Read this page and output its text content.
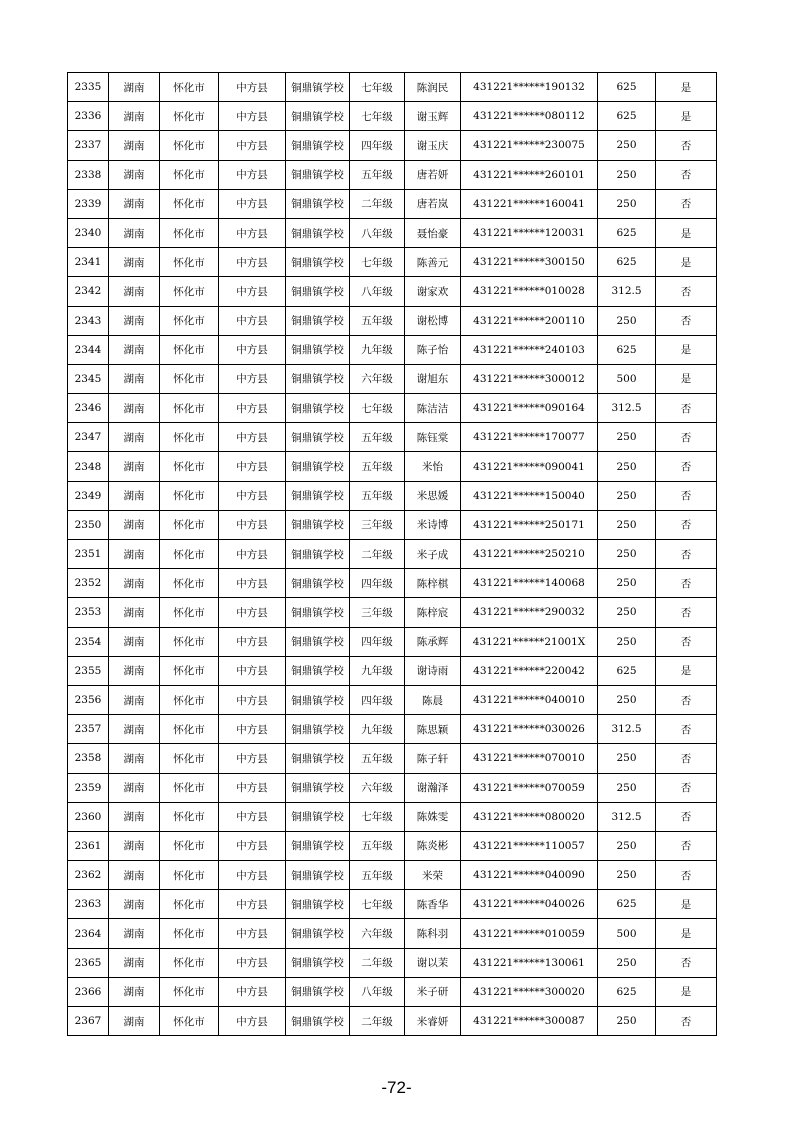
2335	湖南	怀化市	中方县	铜鼎镇学校	七年级	陈润民	431221******190132	625	是
2336	湖南	怀化市	中方县	铜鼎镇学校	七年级	谢玉辉	431221******080112	625	是
2337	湖南	怀化市	中方县	铜鼎镇学校	四年级	谢玉庆	431221******230075	250	否
2338	湖南	怀化市	中方县	铜鼎镇学校	五年级	唐若妍	431221******260101	250	否
2339	湖南	怀化市	中方县	铜鼎镇学校	二年级	唐若岚	431221******160041	250	否
2340	湖南	怀化市	中方县	铜鼎镇学校	八年级	聂怡豪	431221******120031	625	是
2341	湖南	怀化市	中方县	铜鼎镇学校	七年级	陈善元	431221******300150	625	是
2342	湖南	怀化市	中方县	铜鼎镇学校	八年级	谢家欢	431221******010028	312.5	否
2343	湖南	怀化市	中方县	铜鼎镇学校	五年级	谢松博	431221******200110	250	否
2344	湖南	怀化市	中方县	铜鼎镇学校	九年级	陈子怡	431221******240103	625	是
2345	湖南	怀化市	中方县	铜鼎镇学校	六年级	谢旭东	431221******300012	500	是
2346	湖南	怀化市	中方县	铜鼎镇学校	七年级	陈洁洁	431221******090164	312.5	否
2347	湖南	怀化市	中方县	铜鼎镇学校	五年级	陈钰棠	431221******170077	250	否
2348	湖南	怀化市	中方县	铜鼎镇学校	五年级	米怡	431221******090041	250	否
2349	湖南	怀化市	中方县	铜鼎镇学校	五年级	米思媛	431221******150040	250	否
2350	湖南	怀化市	中方县	铜鼎镇学校	三年级	米诗博	431221******250171	250	否
2351	湖南	怀化市	中方县	铜鼎镇学校	二年级	米子成	431221******250210	250	否
2352	湖南	怀化市	中方县	铜鼎镇学校	四年级	陈梓棋	431221******140068	250	否
2353	湖南	怀化市	中方县	铜鼎镇学校	三年级	陈梓宸	431221******290032	250	否
2354	湖南	怀化市	中方县	铜鼎镇学校	四年级	陈承辉	431221******21001X	250	否
2355	湖南	怀化市	中方县	铜鼎镇学校	九年级	谢诗雨	431221******220042	625	是
2356	湖南	怀化市	中方县	铜鼎镇学校	四年级	陈晨	431221******040010	250	否
2357	湖南	怀化市	中方县	铜鼎镇学校	九年级	陈思颖	431221******030026	312.5	否
2358	湖南	怀化市	中方县	铜鼎镇学校	五年级	陈子轩	431221******070010	250	否
2359	湖南	怀化市	中方县	铜鼎镇学校	六年级	谢瀚泽	431221******070059	250	否
2360	湖南	怀化市	中方县	铜鼎镇学校	七年级	陈姝雯	431221******080020	312.5	否
2361	湖南	怀化市	中方县	铜鼎镇学校	五年级	陈炎彬	431221******110057	250	否
2362	湖南	怀化市	中方县	铜鼎镇学校	五年级	米荣	431221******040090	250	否
2363	湖南	怀化市	中方县	铜鼎镇学校	七年级	陈香华	431221******040026	625	是
2364	湖南	怀化市	中方县	铜鼎镇学校	六年级	陈科羽	431221******010059	500	是
2365	湖南	怀化市	中方县	铜鼎镇学校	二年级	谢以茉	431221******130061	250	否
2366	湖南	怀化市	中方县	铜鼎镇学校	八年级	米子研	431221******300020	625	是
2367	湖南	怀化市	中方县	铜鼎镇学校	二年级	米睿妍	431221******300087	250	否
-72-
